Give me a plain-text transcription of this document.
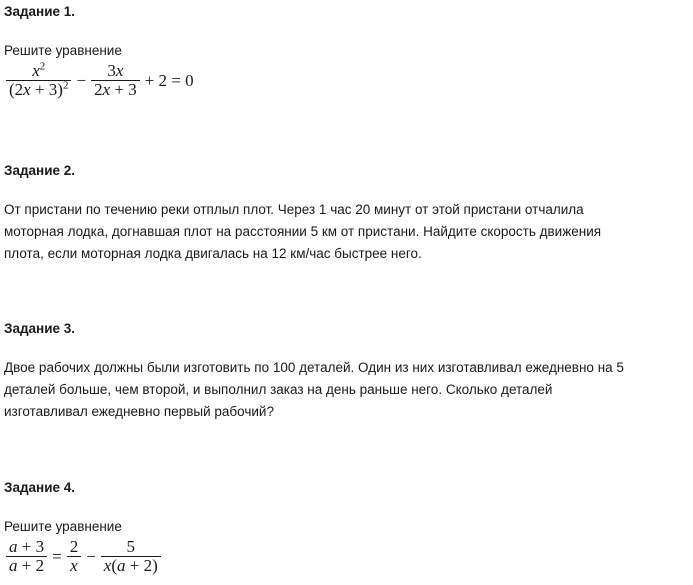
Задание 1.
Решите уравнение
$\frac{x^2}{(2x + 3)^2} - \frac{3x}{2x + 3} + 2 = 0$
Задание 2.
От пристани по течению реки отплыл плот. Через 1 час 20 минут от этой пристани отчалила
моторная лодка, догнавшая плот на расстоянии 5 км от пристани. Найдите скорость движения
плота, если моторная лодка двигалась на 12 км/час быстрее него.
Задание 3.
Двое рабочих должны были изготовить по 100 деталей. Один из них изготавливал ежедневно на 5
деталей больше, чем второй, и выполнил заказ на день раньше него. Сколько деталей
изготавливал ежедневно первый рабочий?
Задание 4.
Решите уравнение
$\frac{a + 3}{a + 2} = \frac{2}{x} - \frac{5}{x(a + 2)}$
